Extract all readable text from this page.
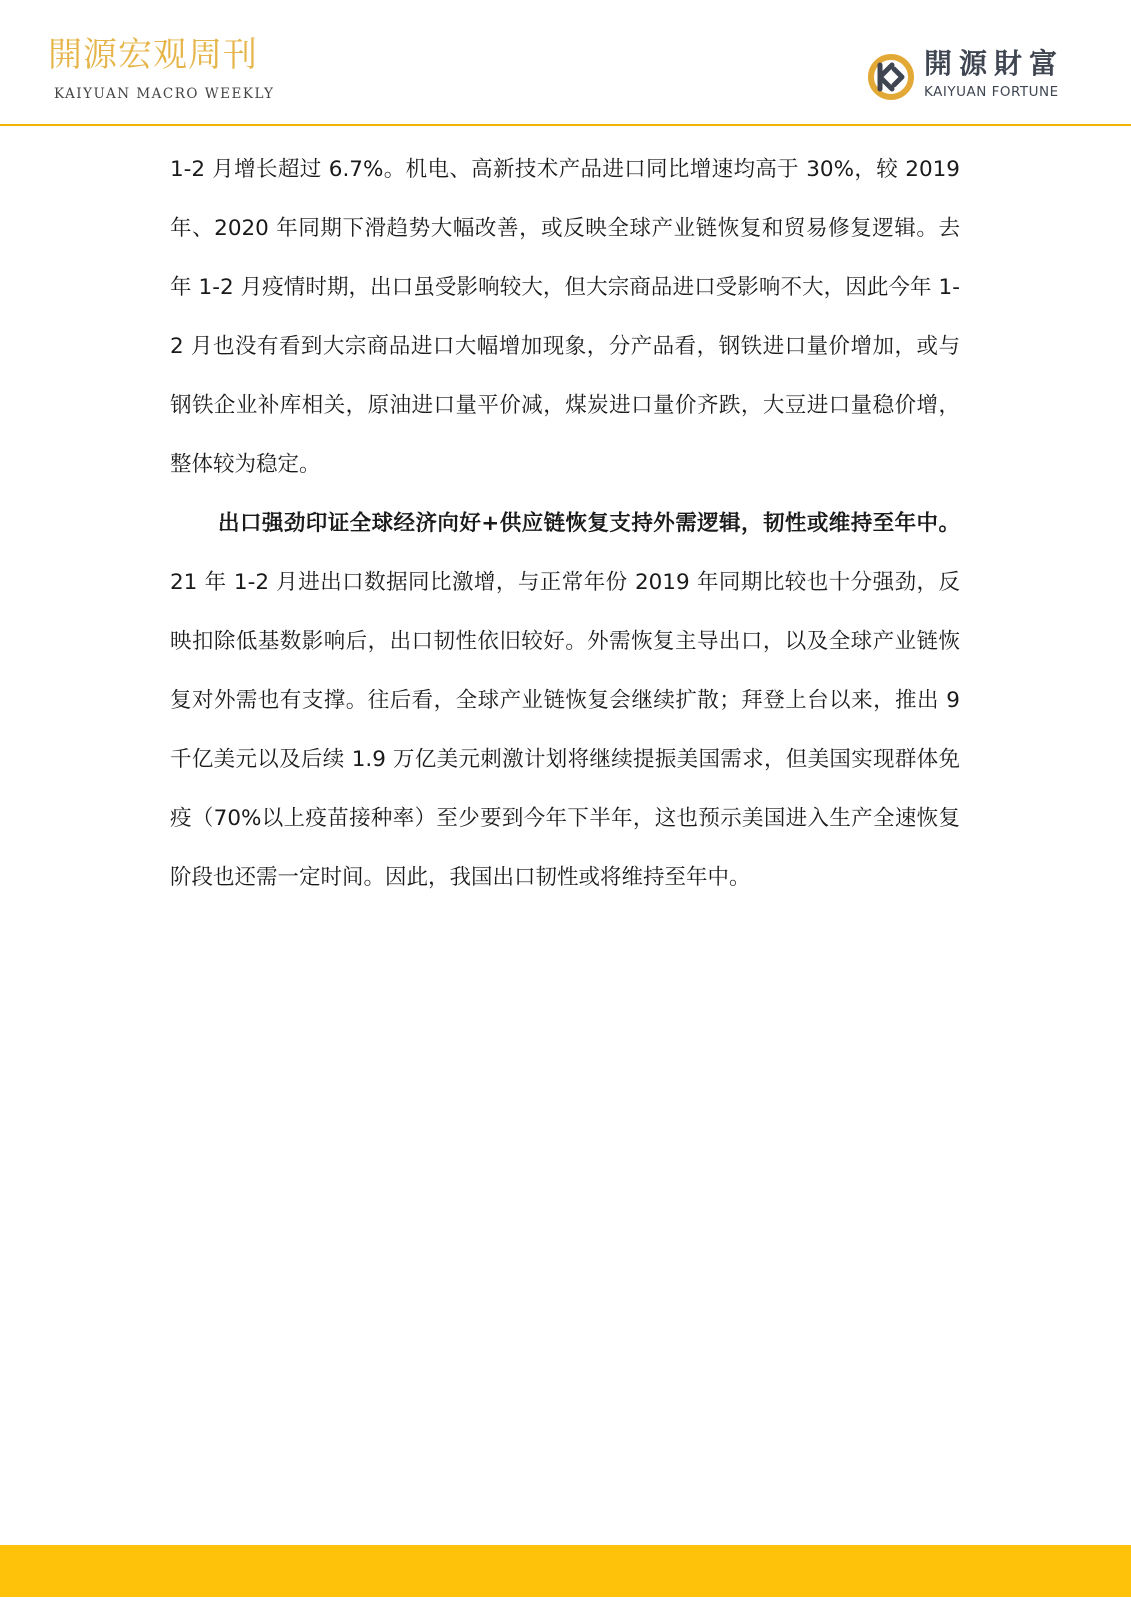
開源宏观周刊
KAIYUAN MACRO WEEKLY
開源財富
KAIYUAN FORTUNE

1-2 月增长超过 6.7%。机电、高新技术产品进口同比增速均高于 30%，较 2019 年、2020 年同期下滑趋势大幅改善，或反映全球产业链恢复和贸易修复逻辑。去年 1-2 月疫情时期，出口虽受影响较大，但大宗商品进口受影响不大，因此今年 1-2 月也没有看到大宗商品进口大幅增加现象，分产品看，钢铁进口量价增加，或与钢铁企业补库相关，原油进口量平价减，煤炭进口量价齐跌，大豆进口量稳价增，整体较为稳定。

出口强劲印证全球经济向好+供应链恢复支持外需逻辑，韧性或维持至年中。21 年 1-2 月进出口数据同比激增，与正常年份 2019 年同期比较也十分强劲，反映扣除低基数影响后，出口韧性依旧较好。外需恢复主导出口，以及全球产业链恢复对外需也有支撑。往后看，全球产业链恢复会继续扩散；拜登上台以来，推出 9 千亿美元以及后续 1.9 万亿美元刺激计划将继续提振美国需求，但美国实现群体免疫（70%以上疫苗接种率）至少要到今年下半年，这也预示美国进入生产全速恢复阶段也还需一定时间。因此，我国出口韧性或将维持至年中。
